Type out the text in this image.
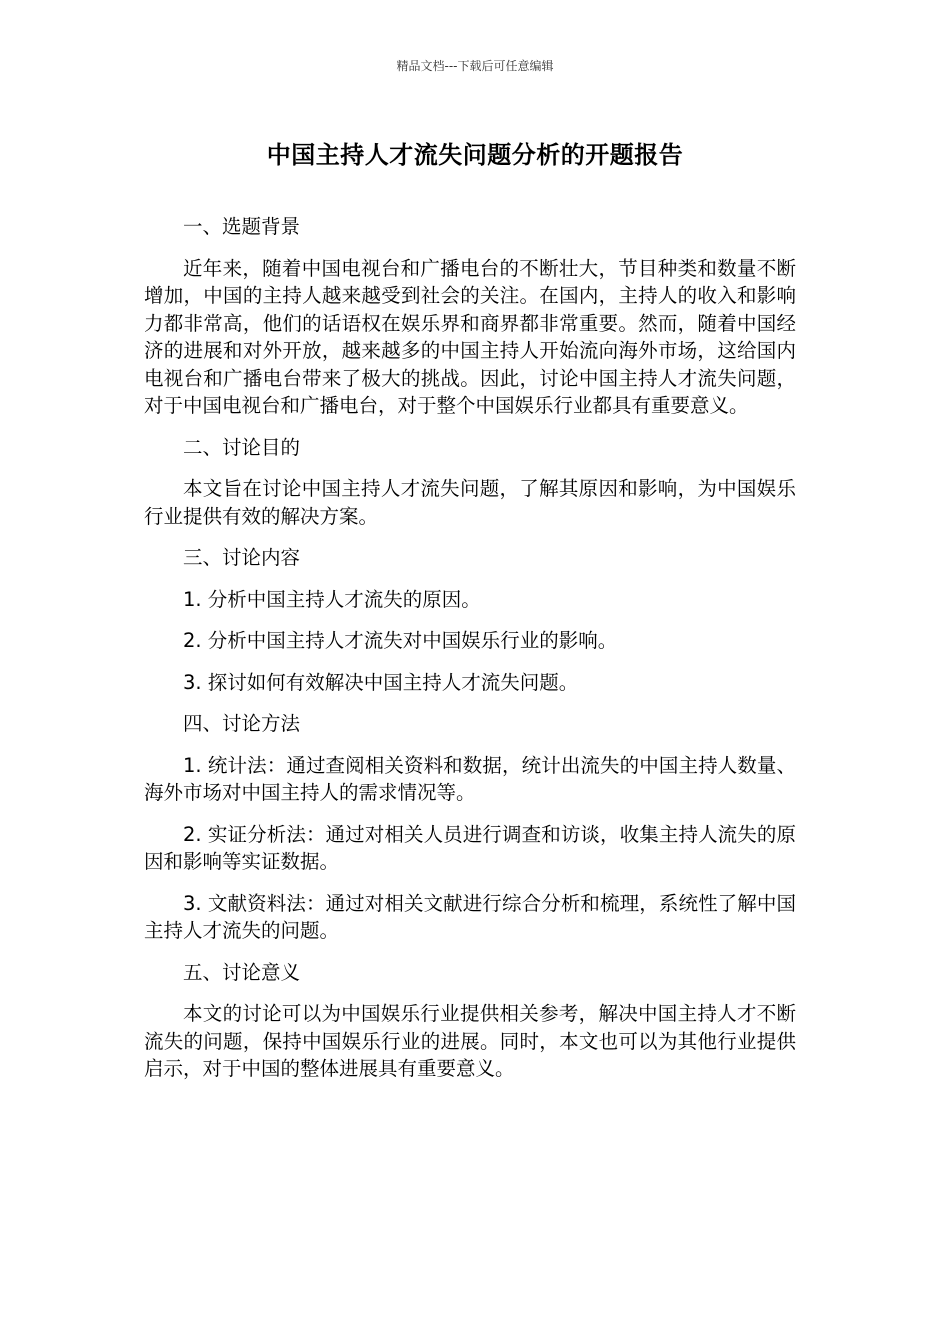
精品文档---下载后可任意编辑
中国主持人才流失问题分析的开题报告

一、选题背景

近年来，随着中国电视台和广播电台的不断壮大，节目种类和数量不断增加，中国的主持人越来越受到社会的关注。在国内，主持人的收入和影响力都非常高，他们的话语权在娱乐界和商界都非常重要。然而，随着中国经济的进展和对外开放，越来越多的中国主持人开始流向海外市场，这给国内电视台和广播电台带来了极大的挑战。因此，讨论中国主持人才流失问题，对于中国电视台和广播电台，对于整个中国娱乐行业都具有重要意义。

二、讨论目的

本文旨在讨论中国主持人才流失问题，了解其原因和影响，为中国娱乐行业提供有效的解决方案。

三、讨论内容

1. 分析中国主持人才流失的原因。

2. 分析中国主持人才流失对中国娱乐行业的影响。

3. 探讨如何有效解决中国主持人才流失问题。

四、讨论方法

1. 统计法：通过查阅相关资料和数据，统计出流失的中国主持人数量、海外市场对中国主持人的需求情况等。

2. 实证分析法：通过对相关人员进行调查和访谈，收集主持人流失的原因和影响等实证数据。

3. 文献资料法：通过对相关文献进行综合分析和梳理，系统性了解中国主持人才流失的问题。

五、讨论意义

本文的讨论可以为中国娱乐行业提供相关参考，解决中国主持人才不断流失的问题，保持中国娱乐行业的进展。同时，本文也可以为其他行业提供启示，对于中国的整体进展具有重要意义。
